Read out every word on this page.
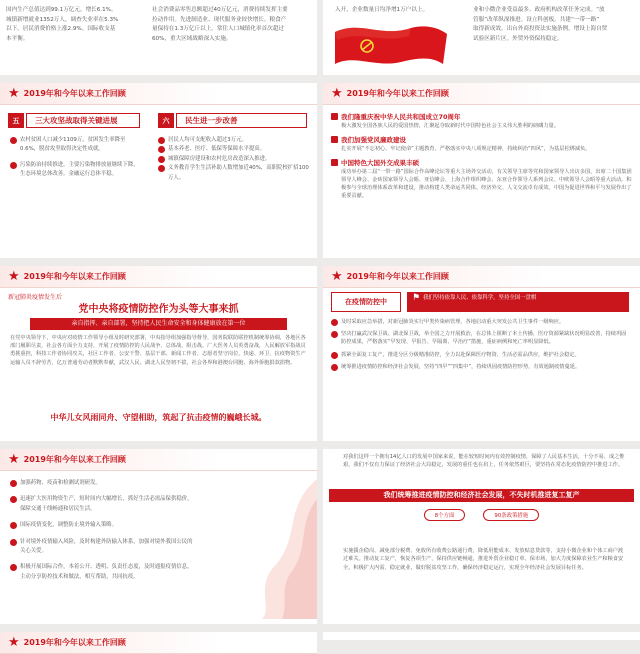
国内生产总值达到99.1万亿元，增长6.1%。
城镇新增就业1352万人，调查失业率在5.3%
以下。居民消费价格上涨2.9%。国际收支基
本平衡。
社会消费品零售总额超过40万亿元，消费持续发挥主要
拉动作用。先进制造业、现代服务业较快增长。粮食产
量保持在1.3万亿斤以上。常住人口城镇化率首次超过
60%，重大区域战略深入实施。
入开，企业数量日均净增1万户以上。	业和小微企业受益最多。政府机构改革任务完成。“放
管服”改革纵深推进。设立科创板。共建“一带一路”
取得新成效。出台外商投资法实施条例，增设上海自贸
试验区新片区。外贸外资保持稳定。
★ 2019年和今年以来工作回顾
五	三大攻坚战取得关键进展
农村贫困人口减少1109万，贫困发生率降至0.6%，脱贫攻坚取得决定性成就。
污染防治持续推进，主要污染物排放量继续下降，生态环境总体改善。金融运行总体平稳。
六	民生进一步改善
居民人均可支配收入超过3万元。
基本养老、医疗、低保等保障水平提高。
城镇保障房建设和农村危房改造深入推进。
义务教育学生生活补助人数增加近40%，高职院校扩招100万人。
★ 2019年和今年以来工作回顾
我们隆重庆祝中华人民共和国成立70周年
极大激发全国各族人民的爱国热情，汇聚起夺取新时代中国特色社会主义伟大胜利的磅礴力量。
我们加强党风廉政建设
扎实开展“不忘初心、牢记使命”主题教育，严格落实中央八项规定精神，持续纠治“四风”，为基层松绑减负。
中国特色大国外交成果丰硕
成功举办第二届“一带一路”国际合作高峰论坛等重大主场外交活动，有关领导主席等党和国家领导人出访多国，出席二十国集团领导人峰会、金砖国家领导人会晤、亚信峰会、上海合作组织峰会、东亚合作领导人系列会议、中欧领导人会晤等重大活动。积极参与全球治理体系改革和建设，推动构建人类命运共同体。经济外交、人文交流卓有成效。中国为促进世界和平与发展作出了重要贡献。
★ 2019年和今年以来工作回顾
新冠肺炎疫情发生后
党中央将疫情防控作为头等大事来抓
亲自指挥、亲自部署，坚持把人民生命安全和身体健康放在第一位
在党中央领导下，中央应对疫情工作领导小组及时研究部署，中央指导组加强指导督导，国务院联防联控机制统筹协调，各地区各部门履职尽责，社会各方面全力支持，开展了疫情防控的人民战争、总体战、阻击战。广大医务人员英勇奋战，人民解放军指战员勇挑重担，科技工作者协同攻关，社区工作者、公安干警、基层干部、新闻工作者、志愿者坚守岗位，快递、环卫、抗疫物资生产运输人员不辞劳苦，亿万普通劳动者默默奉献，武汉人民、湖北人民坚韧不拔，社会各界和港澳台同胞、海外侨胞捐款捐物。
中华儿女风雨同舟、守望相助，筑起了抗击疫情的巍峨长城。
★ 2019年和今年以来工作回顾
在疫情防控中	⚑ 我们坚持依靠人民、依靠科学，坚持全国一盘棋
及时采取应急举措，对新冠肺炎实行甲类传染病管理，各地启动重大突发公共卫生事件一级响应。
坚决打赢武汉保卫战、湖北保卫战，举全国之力开展救治，在总体上阻断了本土传播，医疗资源紧缺状况明显改善，持续巩固防控成果，严格落实“早发现、早报告、早隔离、早治疗”措施，重症病例和死亡率明显降低。
抓紧全面复工复产，推进分区分级精准防控，全力以赴保障医疗物资、生活必需品供应，维护社会稳定。
统筹推进疫情防控和经济社会发展，坚持“四早”“四集中”，持续巩固疫情防控形势，有效遏制疫情蔓延。
★ 2019年和今年以来工作回顾
加强药物、疫苗和检测试剂研发。
迅速扩大医用物资生产，短时间内大幅增长，抓好生活必需品保供稳价，保障交通干线畅通和居民生活。
国际疫情变化，调整防止境外输入策略。
针对境外疫情输入风险，及时构建外防输入体系，加强对境外我国公民的关心关爱。
积极开展国际合作，本着公开、透明、负责任态度，及时通报疫情信息，主动分享防控技术和做法，相互帮助，共同抗疫。
对我们这样一个拥有14亿人口的发展中国家来说，能在较短时间内有效控制疫情，保障了人民基本生活，十分不易、成之惟艰。我们不仅有力保证了经济社会大局稳定，发展的重任也在肩上，任务依然艰巨，要坚持在常态化疫情防控中推进工作。
我们统筹推进疫情防控和经济社会发展，不失时机推进复工复产
8个方面	90条政策措施
实施援企稳岗、减免部分税费、免收所有收费公路通行费，降低用能成本、发放贴息贷款等，支持小微企业和个体工商户渡过难关。推动复工复产，恢复各项生产，保持供应链畅通，推进外贸企业稳订单、保市场，加大力度保障农业生产和粮食安全。积极扩大内需，稳定就业，做好脱贫攻坚工作，确保经济稳定运行，实现全年经济社会发展目标任务。
★ 2019年和今年以来工作回顾
